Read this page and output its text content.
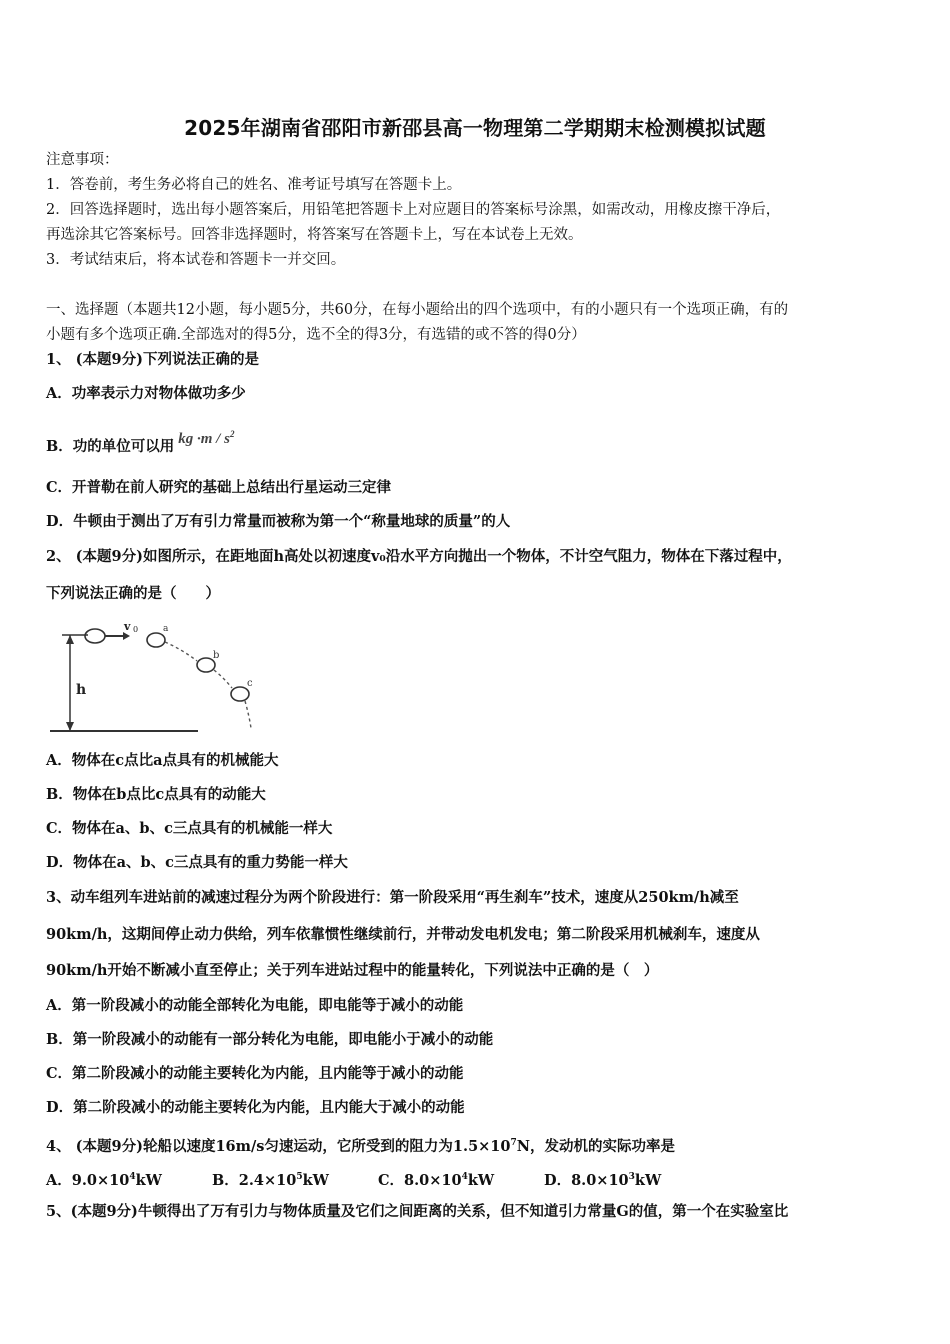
2025年湖南省邵阳市新邵县高一物理第二学期期末检测模拟试题
注意事项：
1．答卷前，考生务必将自己的姓名、准考证号填写在答题卡上。
2．回答选择题时，选出每小题答案后，用铅笔把答题卡上对应题目的答案标号涂黑，如需改动，用橡皮擦干净后，
再选涂其它答案标号。回答非选择题时，将答案写在答题卡上，写在本试卷上无效。
3．考试结束后，将本试卷和答题卡一并交回。
一、选择题（本题共12小题，每小题5分，共60分，在每小题给出的四个选项中，有的小题只有一个选项正确，有的
小题有多个选项正确.全部选对的得5分，选不全的得3分，有选错的或不答的得0分）
1、 (本题9分)下列说法正确的是
A．功率表示力对物体做功多少
B．功的单位可以用 kg $\cdot m / s^2$
C．开普勒在前人研究的基础上总结出行星运动三定律
D．牛顿由于测出了万有引力常量而被称为第一个“称量地球的质量”的人
2、 (本题9分)如图所示，在距地面h高处以初速度v₀沿水平方向抛出一个物体，不计空气阻力，物体在下落过程中，
下列说法正确的是（　　）
h
v 0	a
b
c
A．物体在c点比a点具有的机械能大
B．物体在b点比c点具有的动能大
C．物体在a、b、c三点具有的机械能一样大
D．物体在a、b、c三点具有的重力势能一样大
3、动车组列车进站前的减速过程分为两个阶段进行：第一阶段采用“再生刹车”技术，速度从250km/h减至
90km/h，这期间停止动力供给，列车依靠惯性继续前行，并带动发电机发电；第二阶段采用机械刹车，速度从
90km/h开始不断减小直至停止；关于列车进站过程中的能量转化，下列说法中正确的是（　）
A．第一阶段减小的动能全部转化为电能，即电能等于减小的动能
B．第一阶段减小的动能有一部分转化为电能，即电能小于减小的动能
C．第二阶段减小的动能主要转化为内能，且内能等于减小的动能
D．第二阶段减小的动能主要转化为内能，且内能大于减小的动能
4、 (本题9分)轮船以速度16m/s匀速运动，它所受到的阻力为$1.5\times 10^7N$，发动机的实际功率是
A．$9.0\times 10^4kW$	B．$2.4\times 10^5kW$	C．$8.0\times 10^4kW$	D．$8.0\times 10^3kW$
5、(本题9分)牛顿得出了万有引力与物体质量及它们之间距离的关系，但不知道引力常量G的值，第一个在实验室比
